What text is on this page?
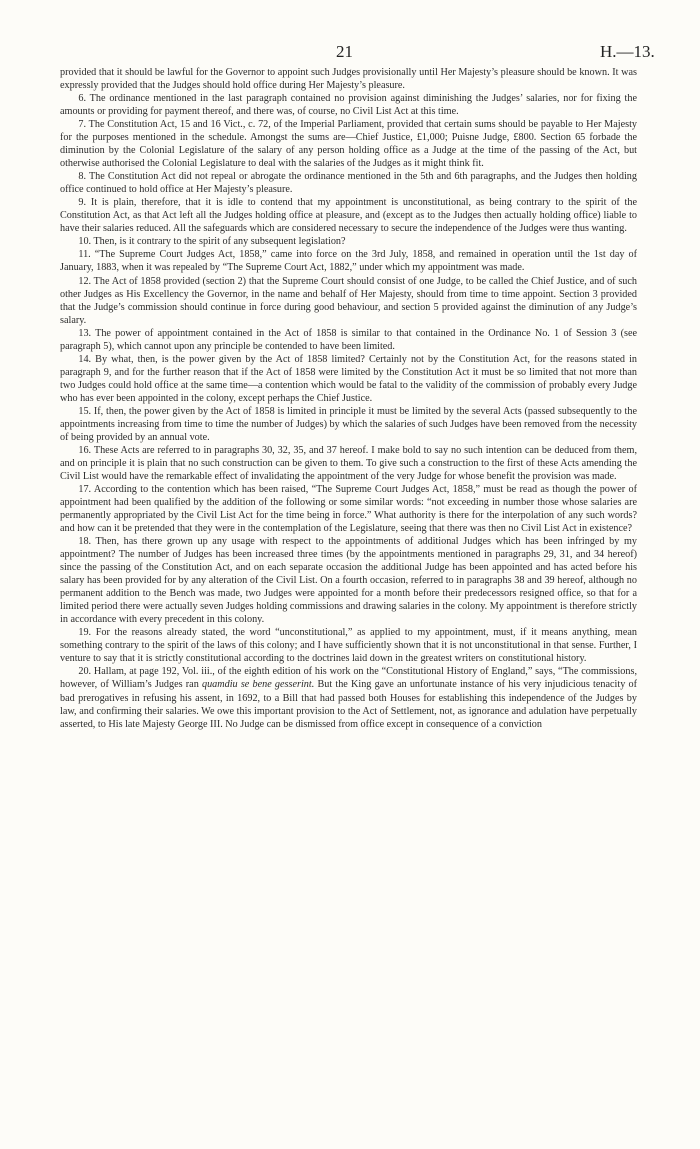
21	H.—13.

provided that it should be lawful for the Governor to appoint such Judges provisionally until Her Majesty’s pleasure should be known. It was expressly provided that the Judges should hold office during Her Majesty’s pleasure.

6. The ordinance mentioned in the last paragraph contained no provision against diminishing the Judges’ salaries, nor for fixing the amounts or providing for payment thereof, and there was, of course, no Civil List Act at this time.

7. The Constitution Act, 15 and 16 Vict., c. 72, of the Imperial Parliament, provided that certain sums should be payable to Her Majesty for the purposes mentioned in the schedule. Amongst the sums are—Chief Justice, £1,000; Puisne Judge, £800. Section 65 forbade the diminution by the Colonial Legislature of the salary of any person holding office as a Judge at the time of the passing of the Act, but otherwise authorised the Colonial Legislature to deal with the salaries of the Judges as it might think fit.

8. The Constitution Act did not repeal or abrogate the ordinance mentioned in the 5th and 6th paragraphs, and the Judges then holding office continued to hold office at Her Majesty’s pleasure.

9. It is plain, therefore, that it is idle to contend that my appointment is unconstitutional, as being contrary to the spirit of the Constitution Act, as that Act left all the Judges holding office at pleasure, and (except as to the Judges then actually holding office) liable to have their salaries reduced. All the safeguards which are considered necessary to secure the independence of the Judges were thus wanting.

10. Then, is it contrary to the spirit of any subsequent legislation?

11. “The Supreme Court Judges Act, 1858,” came into force on the 3rd July, 1858, and remained in operation until the 1st day of January, 1883, when it was repealed by “The Supreme Court Act, 1882,” under which my appointment was made.

12. The Act of 1858 provided (section 2) that the Supreme Court should consist of one Judge, to be called the Chief Justice, and of such other Judges as His Excellency the Governor, in the name and behalf of Her Majesty, should from time to time appoint. Section 3 provided that the Judge’s commission should continue in force during good behaviour, and section 5 provided against the diminution of any Judge’s salary.

13. The power of appointment contained in the Act of 1858 is similar to that contained in the Ordinance No. 1 of Session 3 (see paragraph 5), which cannot upon any principle be contended to have been limited.

14. By what, then, is the power given by the Act of 1858 limited? Certainly not by the Constitution Act, for the reasons stated in paragraph 9, and for the further reason that if the Act of 1858 were limited by the Constitution Act it must be so limited that not more than two Judges could hold office at the same time—a contention which would be fatal to the validity of the commission of probably every Judge who has ever been appointed in the colony, except perhaps the Chief Justice.

15. If, then, the power given by the Act of 1858 is limited in principle it must be limited by the several Acts (passed subsequently to the appointments increasing from time to time the number of Judges) by which the salaries of such Judges have been removed from the necessity of being provided by an annual vote.

16. These Acts are referred to in paragraphs 30, 32, 35, and 37 hereof. I make bold to say no such intention can be deduced from them, and on principle it is plain that no such construction can be given to them. To give such a construction to the first of these Acts amending the Civil List would have the remarkable effect of invalidating the appointment of the very Judge for whose benefit the provision was made.

17. According to the contention which has been raised, “The Supreme Court Judges Act, 1858,” must be read as though the power of appointment had been qualified by the addition of the following or some similar words: “not exceeding in number those whose salaries are permanently appropriated by the Civil List Act for the time being in force.” What authority is there for the interpolation of any such words? and how can it be pretended that they were in the contemplation of the Legislature, seeing that there was then no Civil List Act in existence?

18. Then, has there grown up any usage with respect to the appointments of additional Judges which has been infringed by my appointment? The number of Judges has been increased three times (by the appointments mentioned in paragraphs 29, 31, and 34 hereof) since the passing of the Constitution Act, and on each separate occasion the additional Judge has been appointed and has acted before his salary has been provided for by any alteration of the Civil List. On a fourth occasion, referred to in paragraphs 38 and 39 hereof, although no permanent addition to the Bench was made, two Judges were appointed for a month before their predecessors resigned office, so that for a limited period there were actually seven Judges holding commissions and drawing salaries in the colony. My appointment is therefore strictly in accordance with every precedent in this colony.

19. For the reasons already stated, the word “unconstitutional,” as applied to my appointment, must, if it means anything, mean something contrary to the spirit of the laws of this colony; and I have sufficiently shown that it is not unconstitutional in that sense. Further, I venture to say that it is strictly constitutional according to the doctrines laid down in the greatest writers on constitutional history.

20. Hallam, at page 192, Vol. iii., of the eighth edition of his work on the “Constitutional History of England,” says, “The commissions, however, of William’s Judges ran quamdiu se bene gesserint. But the King gave an unfortunate instance of his very injudicious tenacity of bad prerogatives in refusing his assent, in 1692, to a Bill that had passed both Houses for establishing this independence of the Judges by law, and confirming their salaries. We owe this important provision to the Act of Settlement, not, as ignorance and adulation have perpetually asserted, to His late Majesty George III. No Judge can be dismissed from office except in consequence of a conviction
